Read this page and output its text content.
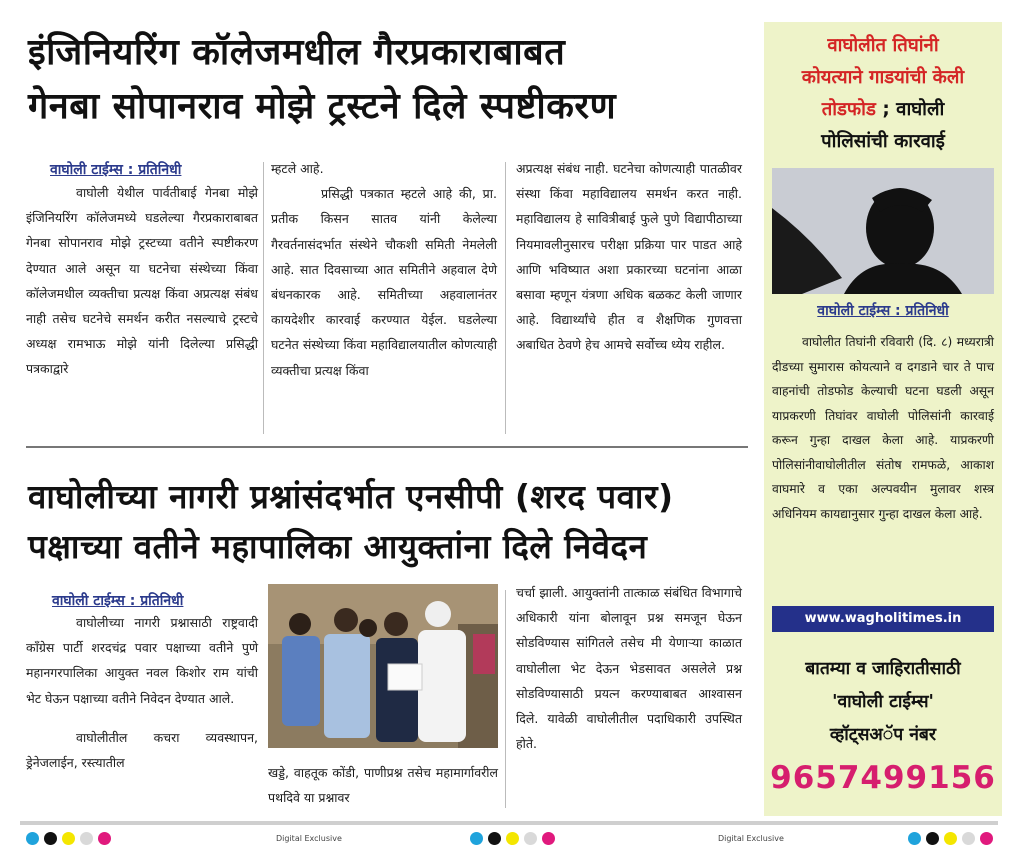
इंजिनियरिंग कॉलेजमधील गैरप्रकाराबाबत
गेनबा सोपानराव मोझे ट्रस्टने दिले स्पष्टीकरण
वाघोली टाईम्स : प्रतिनिधी

वाघोली येथील पार्वतीबाई गेनबा मोझे इंजिनियरिंग कॉलेजमध्ये घडलेल्या गैरप्रकाराबाबत गेनबा सोपानराव मोझे ट्रस्टच्या वतीने स्पष्टीकरण देण्यात आले असून या घटनेचा संस्थेच्या किंवा कॉलेजमधील व्यक्तीचा प्रत्यक्ष किंवा अप्रत्यक्ष संबंध नाही तसेच घटनेचे समर्थन करीत नसल्याचे ट्रस्टचे अध्यक्ष रामभाऊ मोझे यांनी दिलेल्या प्रसिद्धी पत्रकाद्वारे

म्हटले आहे.

प्रसिद्धी पत्रकात म्हटले आहे की, प्रा. प्रतीक किसन सातव यांनी केलेल्या गैरवर्तनासंदर्भात संस्थेने चौकशी समिती नेमलेली आहे. सात दिवसाच्या आत समितीने अहवाल देणे बंधनकारक आहे. समितीच्या अहवालानंतर कायदेशीर कारवाई करण्यात येईल. घडलेल्या घटनेत संस्थेच्या किंवा महाविद्यालयातील कोणत्याही व्यक्तीचा प्रत्यक्ष किंवा

अप्रत्यक्ष संबंध नाही. घटनेचा कोणत्याही पातळीवर संस्था किंवा महाविद्यालय समर्थन करत नाही. महाविद्यालय हे सावित्रीबाई फुले पुणे विद्यापीठाच्या नियमावलीनुसारच परीक्षा प्रक्रिया पार पाडत आहे आणि भविष्यात अशा प्रकारच्या घटनांना आळा बसावा म्हणून यंत्रणा अधिक बळकट केली जाणार आहे. विद्यार्थ्यांचे हीत व शैक्षणिक गुणवत्ता अबाधित ठेवणे हेच आमचे सर्वोच्च ध्येय राहील.

वाघोलीच्या नागरी प्रश्नांसंदर्भात एनसीपी (शरद पवार)
पक्षाच्या वतीने महापालिका आयुक्तांना दिले निवेदन
वाघोली टाईम्स : प्रतिनिधी

वाघोलीच्या नागरी प्रश्नासाठी राष्ट्रवादी कॉंग्रेस पार्टी शरदचंद्र पवार पक्षाच्या वतीने पुणे महानगरपालिका आयुक्त नवल किशोर राम यांची भेट घेऊन पक्षाच्या वतीने निवेदन देण्यात आले.

वाघोलीतील कचरा व्यवस्थापन, ड्रेनेजलाईन, रस्त्यातील

खड्डे, वाहतूक कोंडी, पाणीप्रश्न तसेच महामार्गावरील पथदिवे या प्रश्नावर

चर्चा झाली. आयुक्तांनी तात्काळ संबंधित विभागाचे अधिकारी यांना बोलावून प्रश्न समजून घेऊन सोडविण्यास सांगितले तसेच मी येणाऱ्या काळात वाघोलीला भेट देऊन भेडसावत असलेले प्रश्न सोडविण्यासाठी प्रयत्न करण्याबाबत आश्वासन दिले. यावेळी वाघोलीतील पदाधिकारी उपस्थित होते.

वाघोलीत तिघांनी
कोयत्याने गाडयांची केली
तोडफोड ; वाघोली
पोलिसांची कारवाई
वाघोली टाईम्स : प्रतिनिधी

वाघोलीत तिघांनी रविवारी (दि. ८) मध्यरात्री दीडच्या सुमारास कोयत्याने व दगडाने चार ते पाच वाहनांची तोडफोड केल्याची घटना घडली असून याप्रकरणी तिघांवर वाघोली पोलिसांनी कारवाई करून गुन्हा दाखल केला आहे. याप्रकरणी पोलिसांनीवाघोलीतील संतोष रामफळे, आकाश वाघमारे व एका अल्पवयीन मुलावर शस्त्र अधिनियम कायद्यानुसार गुन्हा दाखल केला आहे.

www.wagholitimes.in
बातम्या व जाहिरातीसाठी
'वाघोली टाईम्स'
व्हॉट्सअॅप नंबर
9657499156
Digital Exclusive	Digital Exclusive
